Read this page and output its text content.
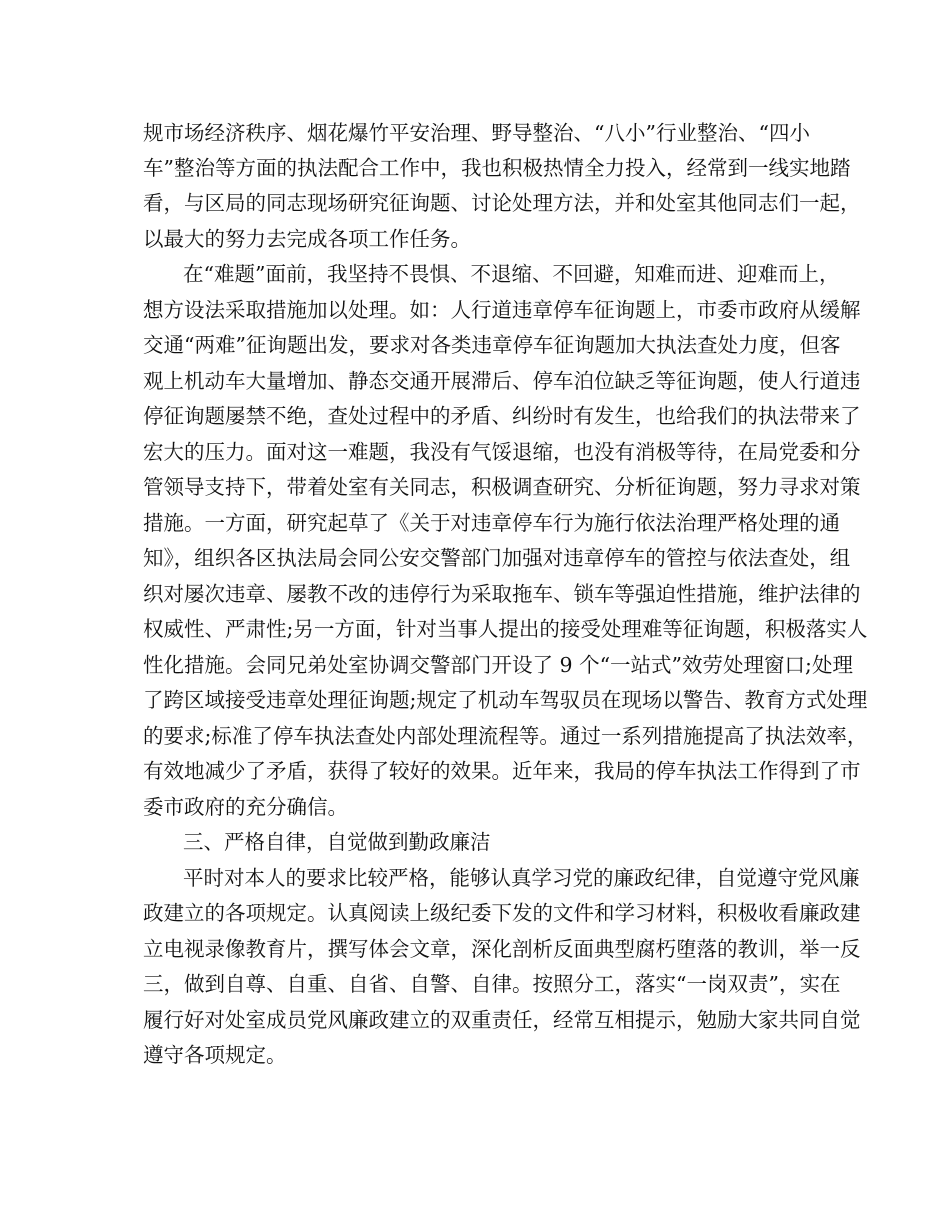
规市场经济秩序、烟花爆竹平安治理、野导整治、“八小”行业整治、“四小

车”整治等方面的执法配合工作中，我也积极热情全力投入，经常到一线实地踏

看，与区局的同志现场研究征询题、讨论处理方法，并和处室其他同志们一起，

以最大的努力去完成各项工作任务。

在“难题”面前，我坚持不畏惧、不退缩、不回避，知难而进、迎难而上，

想方设法采取措施加以处理。如：人行道违章停车征询题上，市委市政府从缓解

交通“两难”征询题出发，要求对各类违章停车征询题加大执法查处力度，但客

观上机动车大量增加、静态交通开展滞后、停车泊位缺乏等征询题，使人行道违

停征询题屡禁不绝，查处过程中的矛盾、纠纷时有发生，也给我们的执法带来了

宏大的压力。面对这一难题，我没有气馁退缩，也没有消极等待，在局党委和分

管领导支持下，带着处室有关同志，积极调查研究、分析征询题，努力寻求对策

措施。一方面，研究起草了《关于对违章停车行为施行依法治理严格处理的通

知》，组织各区执法局会同公安交警部门加强对违章停车的管控与依法查处，组

织对屡次违章、屡教不改的违停行为采取拖车、锁车等强迫性措施，维护法律的

权威性、严肃性;另一方面，针对当事人提出的接受处理难等征询题，积极落实人

性化措施。会同兄弟处室协调交警部门开设了 9 个“一站式”效劳处理窗口;处理

了跨区域接受违章处理征询题;规定了机动车驾驭员在现场以警告、教育方式处理

的要求;标准了停车执法查处内部处理流程等。通过一系列措施提高了执法效率，

有效地减少了矛盾，获得了较好的效果。近年来，我局的停车执法工作得到了市

委市政府的充分确信。

三、严格自律，自觉做到勤政廉洁

平时对本人的要求比较严格，能够认真学习党的廉政纪律，自觉遵守党风廉

政建立的各项规定。认真阅读上级纪委下发的文件和学习材料，积极收看廉政建

立电视录像教育片，撰写体会文章，深化剖析反面典型腐朽堕落的教训，举一反

三，做到自尊、自重、自省、自警、自律。按照分工，落实“一岗双责”，实在

履行好对处室成员党风廉政建立的双重责任，经常互相提示，勉励大家共同自觉

遵守各项规定。
